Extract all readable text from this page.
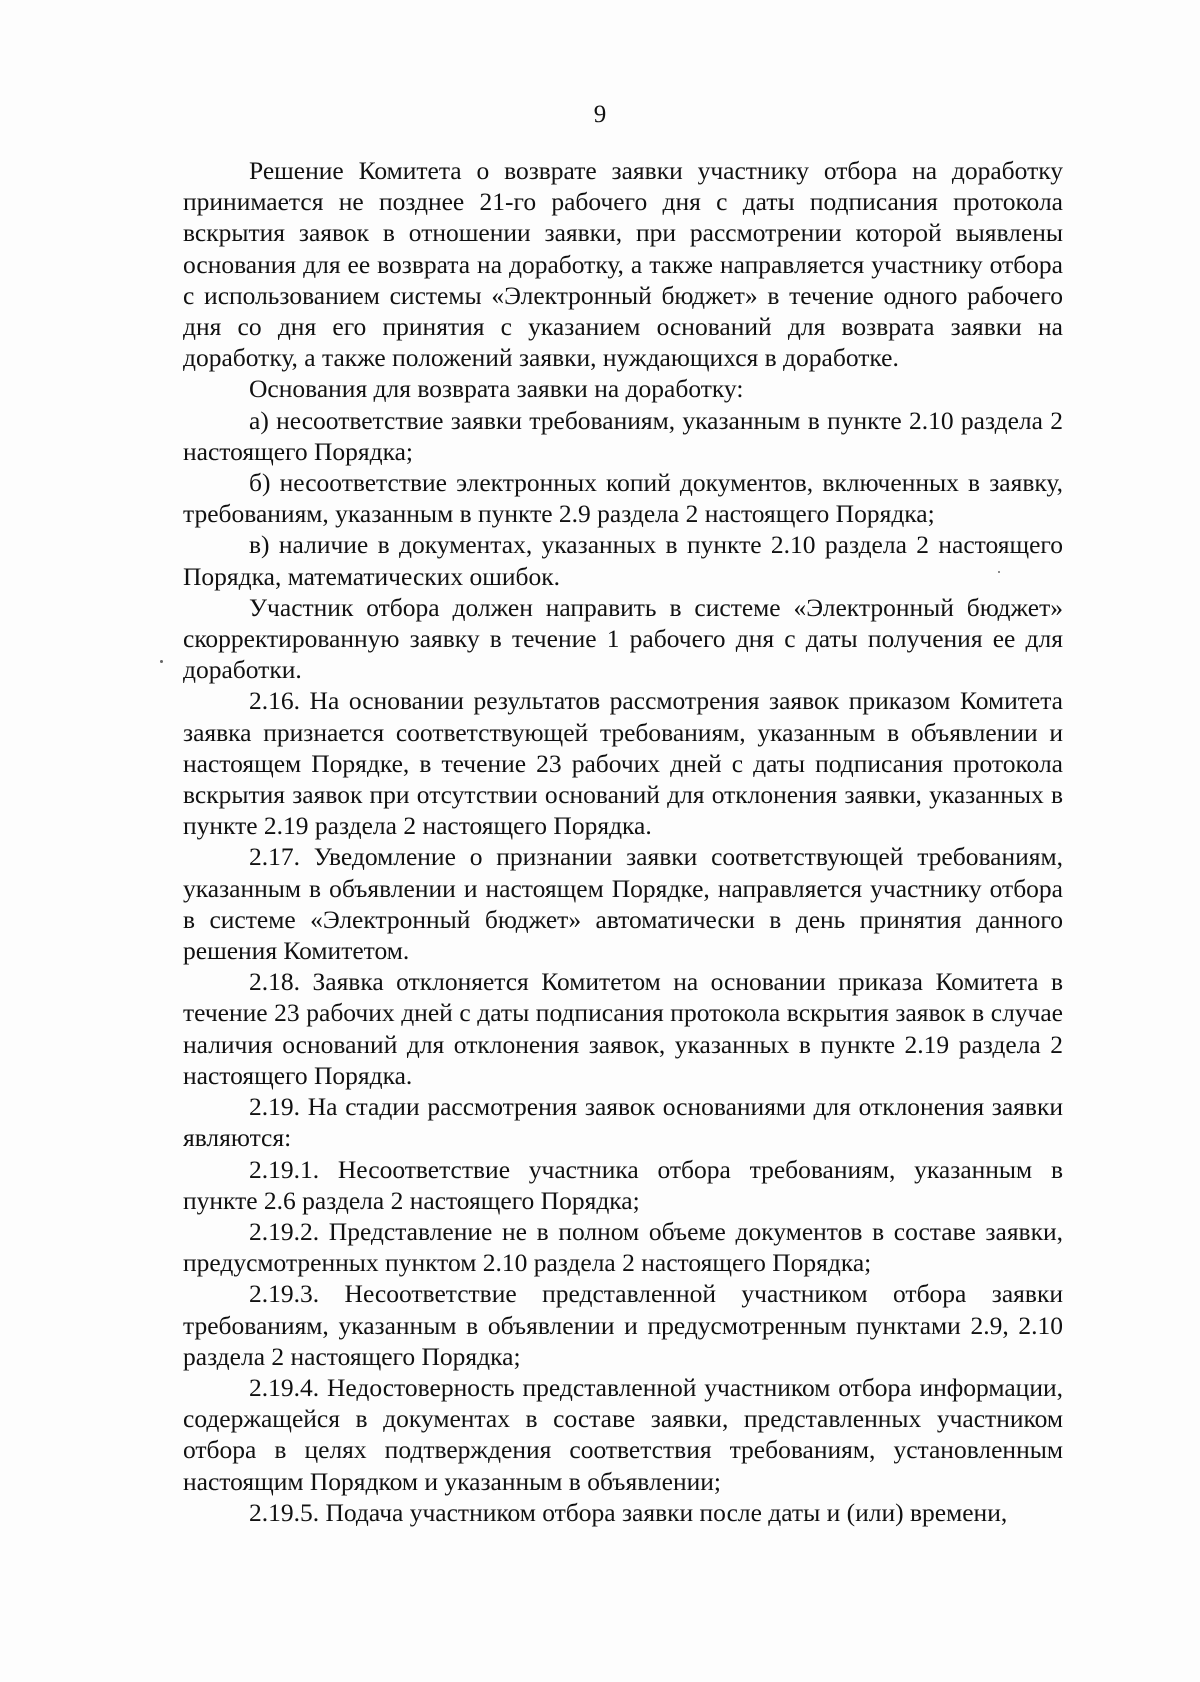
9

Решение Комитета о возврате заявки участнику отбора на доработку принимается не позднее 21-го рабочего дня с даты подписания протокола вскрытия заявок в отношении заявки, при рассмотрении которой выявлены основания для ее возврата на доработку, а также направляется участнику отбора с использованием системы «Электронный бюджет» в течение одного рабочего дня со дня его принятия с указанием оснований для возврата заявки на доработку, а также положений заявки, нуждающихся в доработке.

Основания для возврата заявки на доработку:

а) несоответствие заявки требованиям, указанным в пункте 2.10 раздела 2 настоящего Порядка;

б) несоответствие электронных копий документов, включенных в заявку, требованиям, указанным в пункте 2.9 раздела 2 настоящего Порядка;

в) наличие в документах, указанных в пункте 2.10 раздела 2 настоящего Порядка, математических ошибок.

Участник отбора должен направить в системе «Электронный бюджет» скорректированную заявку в течение 1 рабочего дня с даты получения ее для доработки.

2.16. На основании результатов рассмотрения заявок приказом Комитета заявка признается соответствующей требованиям, указанным в объявлении и настоящем Порядке, в течение 23 рабочих дней с даты подписания протокола вскрытия заявок при отсутствии оснований для отклонения заявки, указанных в пункте 2.19 раздела 2 настоящего Порядка.

2.17. Уведомление о признании заявки соответствующей требованиям, указанным в объявлении и настоящем Порядке, направляется участнику отбора в системе «Электронный бюджет» автоматически в день принятия данного решения Комитетом.

2.18. Заявка отклоняется Комитетом на основании приказа Комитета в течение 23 рабочих дней с даты подписания протокола вскрытия заявок в случае наличия оснований для отклонения заявок, указанных в пункте 2.19 раздела 2 настоящего Порядка.

2.19. На стадии рассмотрения заявок основаниями для отклонения заявки являются:

2.19.1. Несоответствие участника отбора требованиям, указанным в пункте 2.6 раздела 2 настоящего Порядка;

2.19.2. Представление не в полном объеме документов в составе заявки, предусмотренных пунктом 2.10 раздела 2 настоящего Порядка;

2.19.3. Несоответствие представленной участником отбора заявки требованиям, указанным в объявлении и предусмотренным пунктами 2.9, 2.10 раздела 2 настоящего Порядка;

2.19.4. Недостоверность представленной участником отбора информации, содержащейся в документах в составе заявки, представленных участником отбора в целях подтверждения соответствия требованиям, установленным настоящим Порядком и указанным в объявлении;

2.19.5. Подача участником отбора заявки после даты и (или) времени,
